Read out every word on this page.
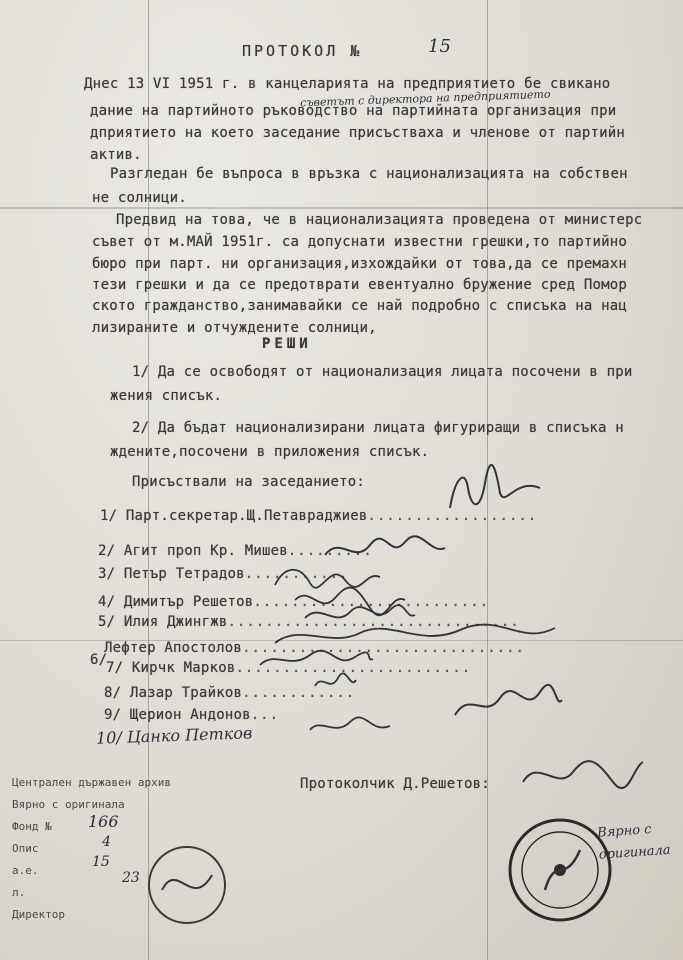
ПРОТОКОЛ №	15
Днес 13 VI 1951 г. в канцеларията на предприятието бе свикано
съветът с директора на предприятието
дание на партийното ръководство на партийната организация при
дприятието на което заседание присъстваха и членове от партийн
актив.
Разгледан бе въпроса в връзка с национализацията на собствен
не солници.
Предвид на това, че в национализацията проведена от министерс
съвет от м.МАЙ 1951г. са допуснати известни грешки,то партийно
бюро при парт. ни организация,изхождайки от това,да се премахн
тези грешки и да се предотврати евентуално бружение сред Помор
ското гражданство,занимавайки се най подробно с списъка на нац
лизираните и отчуждените солници,
РЕШИ
1/ Да се освободят от национализация лицата посочени в при
жения списък.
2/ Да бъдат национализирани лицата фигуриращи в списъка н
ждените,посочени в приложения списък.
Присъствали на заседанието:
1/ Парт.секретар.Щ.Петавраджиев..................
2/ Агит проп Кр. Мишев.........
3/ Петър Тетрадов...........
4/ Димитър Решетов.........................
5/ Илия Джингжв...............................
Лефтер Апостолов..............................
6/
7/ Кирчк Марков.........................
8/ Лазар Трайков............
9/ Щерион Андонов...
10/ Цанко Петков
Протоколчик Д.Решетов:
Централен държавен архив
Вярно с оригинала
Фонд № 166
Опис	4
а.е.
15
л.
23
Директор
Вярно с оригинала
